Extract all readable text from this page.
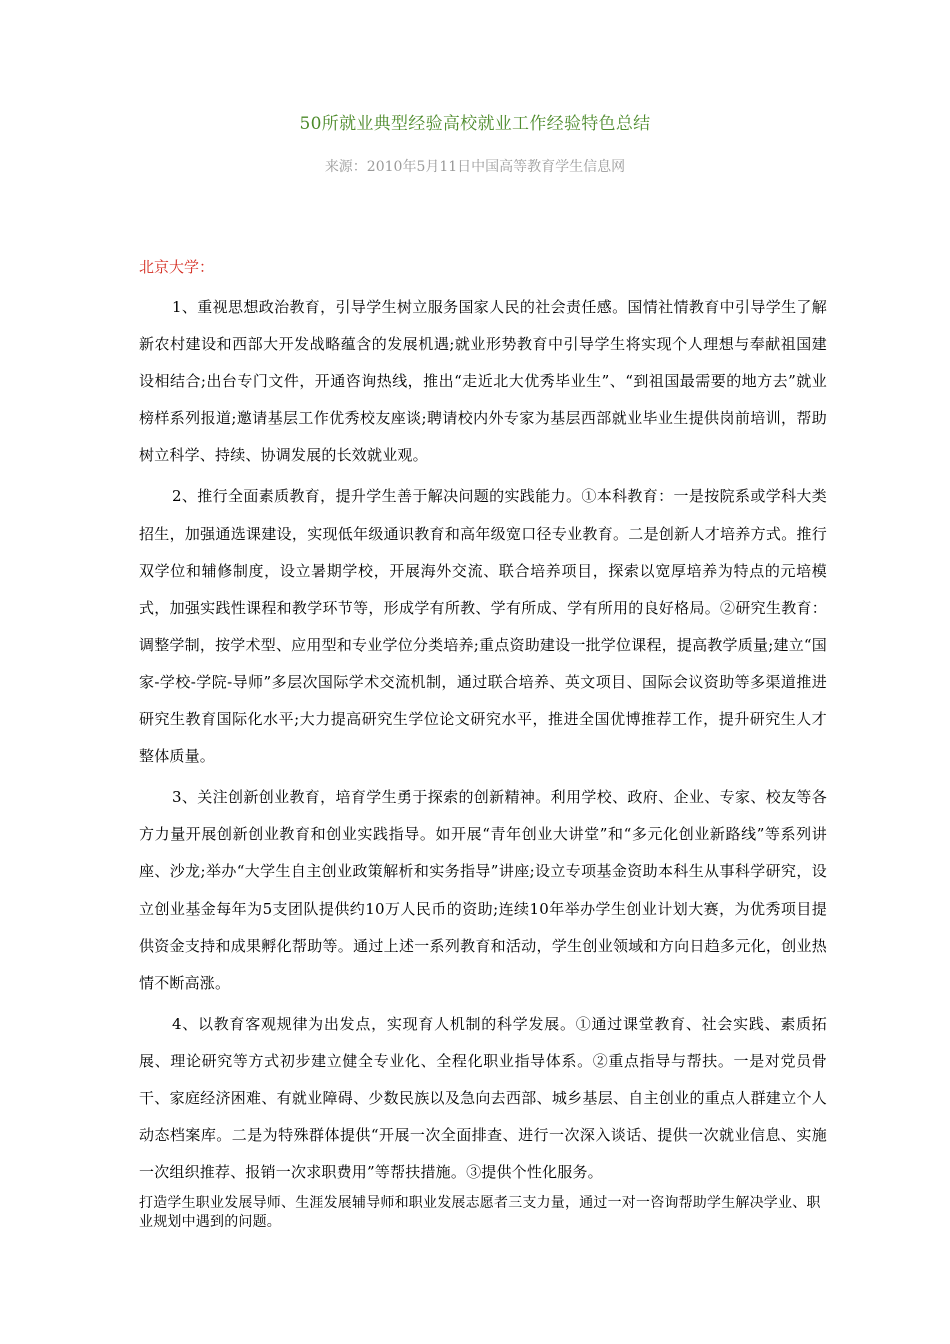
50所就业典型经验高校就业工作经验特色总结
来源：2010年5月11日中国高等教育学生信息网
北京大学：

1、重视思想政治教育，引导学生树立服务国家人民的社会责任感。国情社情教育中引导学生了解新农村建设和西部大开发战略蕴含的发展机遇;就业形势教育中引导学生将实现个人理想与奉献祖国建设相结合;出台专门文件，开通咨询热线，推出“走近北大优秀毕业生”、“到祖国最需要的地方去”就业榜样系列报道;邀请基层工作优秀校友座谈;聘请校内外专家为基层西部就业毕业生提供岗前培训，帮助树立科学、持续、协调发展的长效就业观。

2、推行全面素质教育，提升学生善于解决问题的实践能力。①本科教育：一是按院系或学科大类招生，加强通选课建设，实现低年级通识教育和高年级宽口径专业教育。二是创新人才培养方式。推行双学位和辅修制度，设立暑期学校，开展海外交流、联合培养项目，探索以宽厚培养为特点的元培模式，加强实践性课程和教学环节等，形成学有所教、学有所成、学有所用的良好格局。②研究生教育：调整学制，按学术型、应用型和专业学位分类培养;重点资助建设一批学位课程，提高教学质量;建立“国家-学校-学院-导师”多层次国际学术交流机制，通过联合培养、英文项目、国际会议资助等多渠道推进研究生教育国际化水平;大力提高研究生学位论文研究水平，推进全国优博推荐工作，提升研究生人才整体质量。

3、关注创新创业教育，培育学生勇于探索的创新精神。利用学校、政府、企业、专家、校友等各方力量开展创新创业教育和创业实践指导。如开展“青年创业大讲堂”和“多元化创业新路线”等系列讲座、沙龙;举办“大学生自主创业政策解析和实务指导”讲座;设立专项基金资助本科生从事科学研究，设立创业基金每年为5支团队提供约10万人民币的资助;连续10年举办学生创业计划大赛，为优秀项目提供资金支持和成果孵化帮助等。通过上述一系列教育和活动，学生创业领域和方向日趋多元化，创业热情不断高涨。

4、以教育客观规律为出发点，实现育人机制的科学发展。①通过课堂教育、社会实践、素质拓展、理论研究等方式初步建立健全专业化、全程化职业指导体系。②重点指导与帮扶。一是对党员骨干、家庭经济困难、有就业障碍、少数民族以及急向去西部、城乡基层、自主创业的重点人群建立个人动态档案库。二是为特殊群体提供“开展一次全面排查、进行一次深入谈话、提供一次就业信息、实施一次组织推荐、报销一次求职费用”等帮扶措施。③提供个性化服务。

打造学生职业发展导师、生涯发展辅导师和职业发展志愿者三支力量，通过一对一咨询帮助学生解决学业、职业规划中遇到的问题。
